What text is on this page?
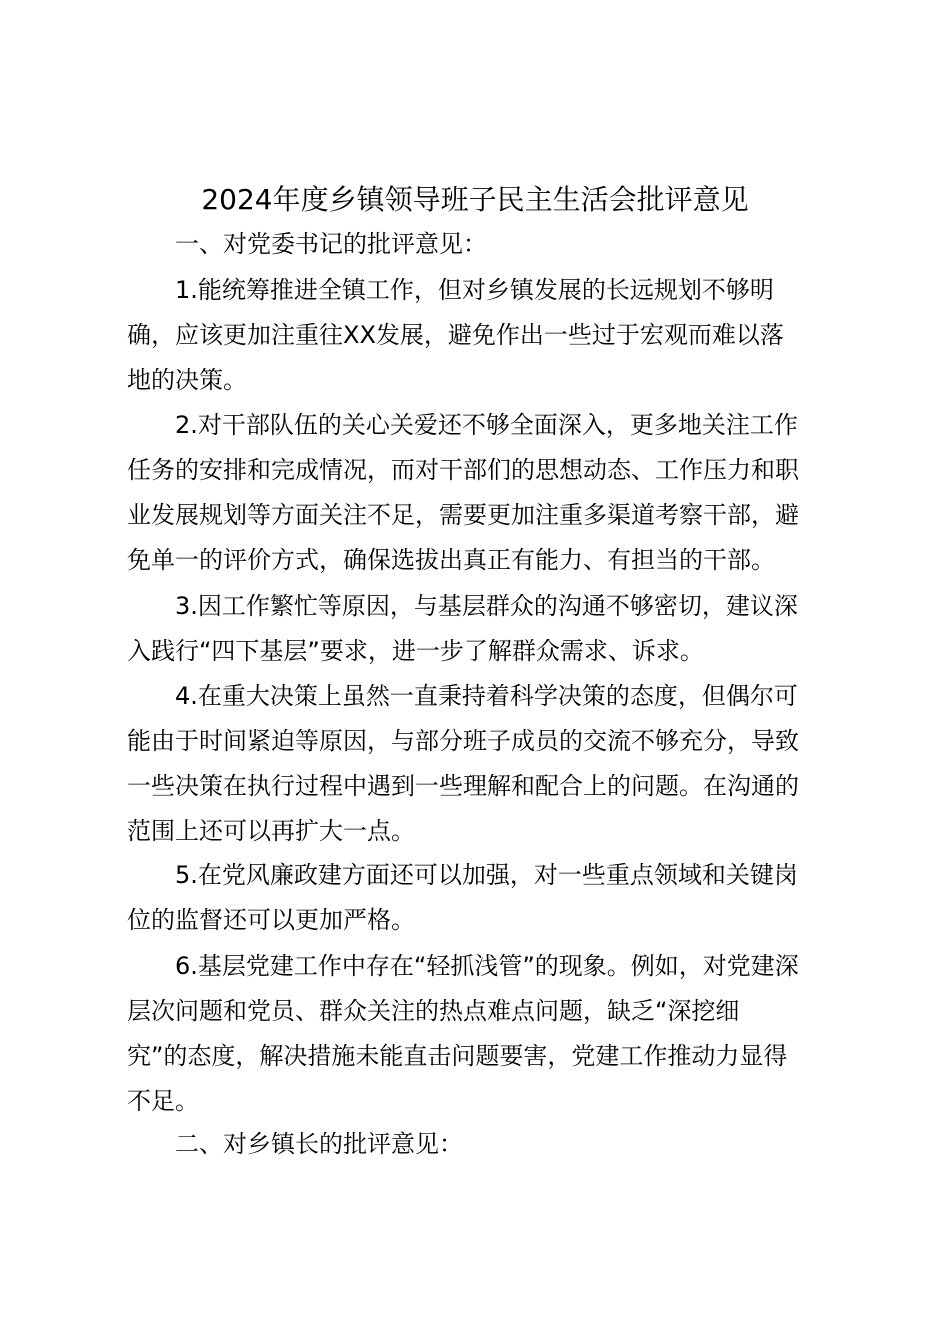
2024年度乡镇领导班子民主生活会批评意见
一、对党委书记的批评意见：
1.能统筹推进全镇工作，但对乡镇发展的长远规划不够明
确，应该更加注重往XX发展，避免作出一些过于宏观而难以落
地的决策。
2.对干部队伍的关心关爱还不够全面深入，更多地关注工作
任务的安排和完成情况，而对干部们的思想动态、工作压力和职
业发展规划等方面关注不足，需要更加注重多渠道考察干部，避
免单一的评价方式，确保选拔出真正有能力、有担当的干部。
3.因工作繁忙等原因，与基层群众的沟通不够密切，建议深
入践行“四下基层”要求，进一步了解群众需求、诉求。
4.在重大决策上虽然一直秉持着科学决策的态度，但偶尔可
能由于时间紧迫等原因，与部分班子成员的交流不够充分，导致
一些决策在执行过程中遇到一些理解和配合上的问题。在沟通的
范围上还可以再扩大一点。
5.在党风廉政建方面还可以加强，对一些重点领域和关键岗
位的监督还可以更加严格。
6.基层党建工作中存在“轻抓浅管”的现象。例如，对党建深
层次问题和党员、群众关注的热点难点问题，缺乏“深挖细
究”的态度，解决措施未能直击问题要害，党建工作推动力显得
不足。
二、对乡镇长的批评意见：
